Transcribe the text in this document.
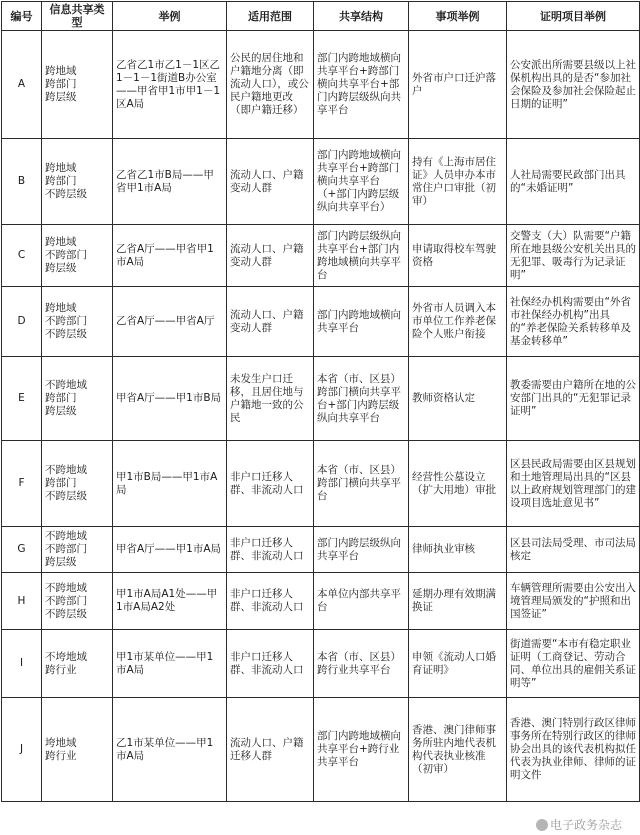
编号	信息共享类型	举例	适用范围	共享结构	事项举例	证明项目举例

A	跨地域
跨部门
跨层级	乙省乙1市乙1－1区乙1－1－1街道B办公室——甲省甲1市甲1－1区A局	公民的居住地和户籍地分离（即流动人口），或公民户籍地更改（即户籍迁移）	部门内跨地域横向共享平台+跨部门横向共享平台+部门内跨层级纵向共享平台	外省市户口迁沪落户	公安派出所需要县级以上社保机构出具的是否“参加社会保险及参加社会保险起止日期的证明”

B	跨地域
跨部门
不跨层级	乙省乙1市B局——甲省甲1市A局	流动人口、户籍变动人群	部门内跨地域横向共享平台+跨部门横向共享平台（+部门内跨层级纵向共享平台）	持有《上海市居住证》人员申办本市常住户口审批（初审）	人社局需要民政部门出具的“未婚证明”

C	跨地域
不跨部门
跨层级	乙省A厅——甲省甲1市A局	流动人口、户籍变动人群	部门内跨层级纵向共享平台+部门内跨地域横向共享平台	申请取得校车驾驶资格	交警支（大）队需要“户籍所在地县级公安机关出具的无犯罪、吸毒行为记录证明”

D	跨地域
不跨部门
不跨层级	乙省A厅——甲省A厅	流动人口、户籍变动人群	部门内跨地域横向共享平台	外省市人员调入本市单位工作养老保险个人账户衔接	社保经办机构需要由“外省市社保经办机构”出具的“养老保险关系转移单及基金转移单”

E	不跨地域
跨部门
跨层级	甲省A厅——甲1市B局	未发生户口迁移，且居住地与户籍地一致的公民	本省（市、区县）跨部门横向共享平台+部门内跨层级纵向共享平台	教师资格认定	教委需要由户籍所在地的公安部门出具的“无犯罪记录证明”

F	不跨地域
跨部门
不跨层级	甲1市B局——甲1市A局	非户口迁移人群、非流动人口	本省（市、区县）跨部门横向共享平台	经营性公墓设立（扩大用地）审批	区县民政局需要由区县规划和土地管理局出具的“区县以上政府规划管理部门的建设项目选址意见书”

G	不跨地域
不跨部门
跨层级	甲省A厅——甲1市A局	非户口迁移人群、非流动人口	部门内跨层级纵向共享平台	律师执业审核	区县司法局受理、市司法局核定

H	不跨地域
不跨部门
不跨层级	甲1市A局A1处——甲1市A局A2处	非户口迁移人群、非流动人口	本单位内部共享平台	延期办理有效期满换证	车辆管理所需要由公安出入境管理局颁发的“护照和出国签证”

I	不垮地域
跨行业	甲1市某单位——甲1市A局	非户口迁移人群、非流动人口	本省（市、区县）跨行业共享平台	申领《流动人口婚育证明》	街道需要“本市有稳定职业证明（工商登记、劳动合同、单位出具的雇佣关系证明等”

J	垮地域
跨行业	乙1市某单位——甲1市A局	流动人口、户籍迁移人群	部门内跨地域横向共享平台+跨行业共享平台	香港、澳门律师事务所驻内地代表机构代表执业核准（初审）	香港、澳门特别行政区律师事务所在特别行政区的律师协会出具的该代表机构拟任代表为执业律师、律师的证明文件
电子政务杂志
